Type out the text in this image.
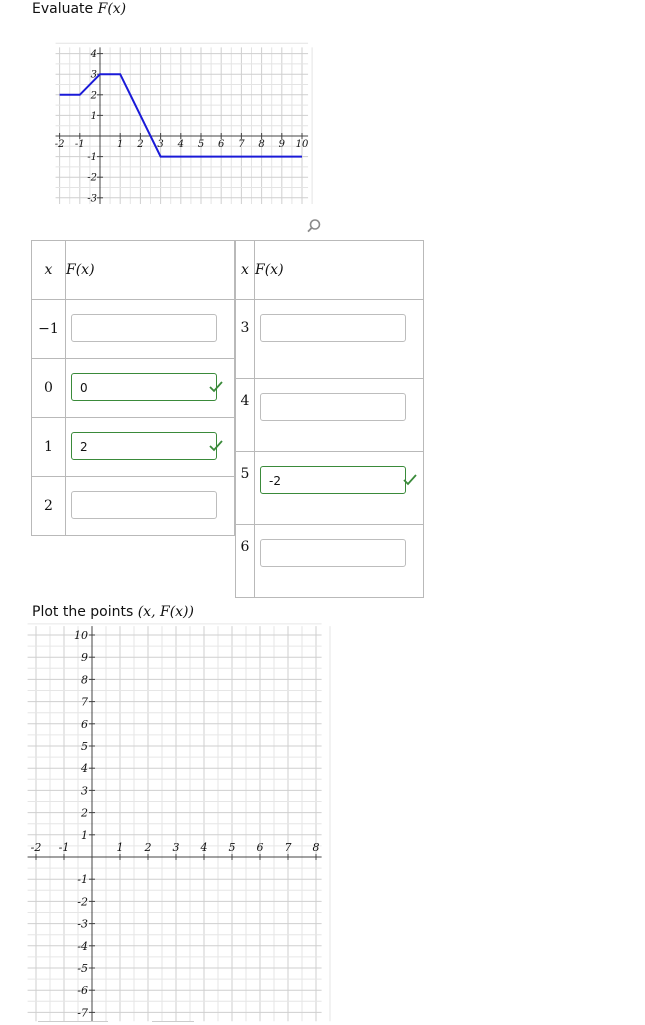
Evaluate F(x)
-2 -1	1 2 3 4 5 6 7 8 9 10
4
3
2
1
-1
-2
-3
x	F(x)
−1	

0	0

1	2

2	
x	F(x)
3	

4	

5	-2

6	
Plot the points (x, F(x))
-2 -1	1 2 3 4 5 6 7 8
10
9
8
7
6
5
4
3
2
1
-1
-2
-3
-4
-5
-6
-7
